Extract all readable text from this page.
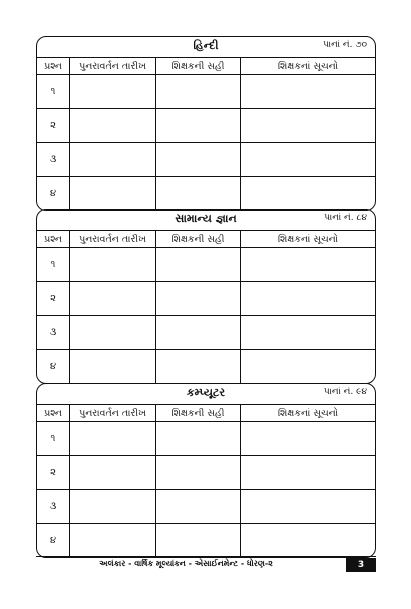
હિન્દી	પાનાં નં. ૭૦
પ્રશ્ન	પુનરાવર્તન તારીખ	શિક્ષકની સહી	શિક્ષકનાં સૂચનો
૧
૨
૩
૪
સામાન્ય જ્ઞાન	પાનાં નં. ૮૪
પ્રશ્ન	પુનરાવર્તન તારીખ	શિક્ષકની સહી	શિક્ષકનાં સૂચનો
૧
૨
૩
૪
કમ્પ્યૂટર	પાનાં નં. ૯૪
પ્રશ્ન	પુનરાવર્તન તારીખ	શિક્ષકની સહી	શિક્ષકનાં સૂચનો
૧
૨
૩
૪
અલંકાર - વાર્ષિક મૂલ્યાંકન - એસાઈનમેન્ટ - ધોરણ-૨	3
